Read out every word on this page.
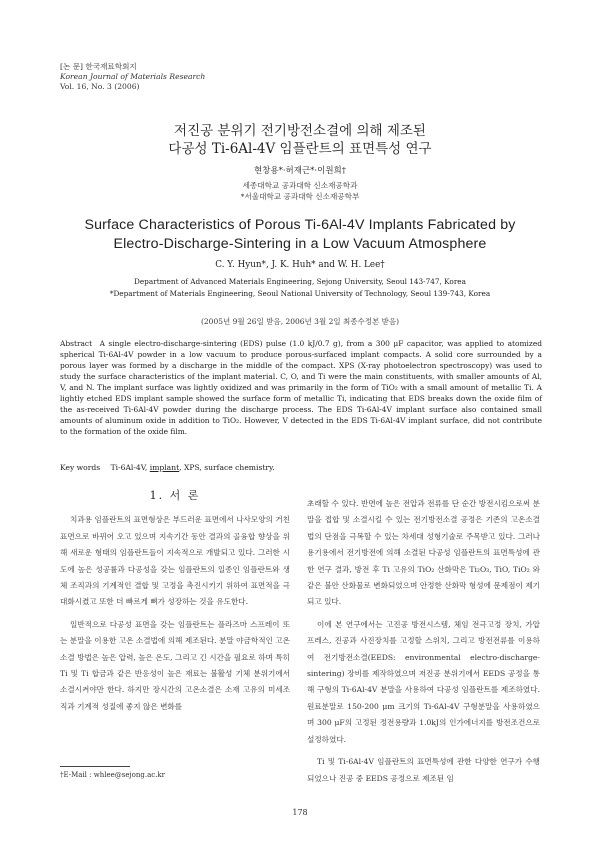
[논 문] 한국재료학회지
Korean Journal of Materials Research
Vol. 16, No. 3 (2006)
저진공 분위기 전기방전소결에 의해 제조된
다공성 Ti-6Al-4V 임플란트의 표면특성 연구
현창용*·허재근*·이원희†
세종대학교 공과대학 신소재공학과
*서울대학교 공과대학 신소재공학부
Surface Characteristics of Porous Ti-6Al-4V Implants Fabricated by
Electro-Discharge-Sintering in a Low Vacuum Atmosphere
C. Y. Hyun*, J. K. Huh* and W. H. Lee†
Department of Advanced Materials Engineering, Sejong University, Seoul 143-747, Korea
*Department of Materials Engineering, Seoul National University of Technology, Seoul 139-743, Korea
(2005년 9월 26일 받음, 2006년 3월 2일 최종수정본 받음)
Abstract A single electro-discharge-sintering (EDS) pulse (1.0 kJ/0.7 g), from a 300 μF capacitor, was applied to atomized spherical Ti-6Al-4V powder in a low vacuum to produce porous-surfaced implant compacts. A solid core surrounded by a porous layer was formed by a discharge in the middle of the compact. XPS (X-ray photoelectron spectroscopy) was used to study the surface characteristics of the implant material. C, O, and Ti were the main constituents, with smaller amounts of Al, V, and N. The implant surface was lightly oxidized and was primarily in the form of TiO₂ with a small amount of metallic Ti. A lightly etched EDS implant sample showed the surface form of metallic Ti, indicating that EDS breaks down the oxide film of the as-received Ti-6Al-4V powder during the discharge process. The EDS Ti-6Al-4V implant surface also contained small amounts of aluminum oxide in addition to TiO₂. However, V detected in the EDS Ti-6Al-4V implant surface, did not contribute to the formation of the oxide film.
Key words Ti-6Al-4V, implant, XPS, surface chemistry.
1. 서 론

치과용 임플란트의 표면형상은 부드러운 표면에서 나사모양의 거친 표면으로 바뀌어 오고 있으며 지속기간 동안 결과의 골융합 향상을 위해 새로운 형태의 임플란트들이 지속적으로 개발되고 있다. 그러한 시도에 높은 성공률과 다공성을 갖는 임플란트의 일종인 임플란트와 생체 조직과의 기계적인 결합 및 고정을 촉진시키기 위하여 표면적을 극대화시켰고 또한 더 빠르게 뼈가 성장하는 것을 유도한다.

일반적으로 다공성 표면을 갖는 임플란트는 플라즈마 스프레이 또는 분말을 이용한 고온 소결법에 의해 제조된다. 분말 야금학적인 고온소결 방법은 높은 압력, 높은 온도, 그리고 긴 시간을 필요로 하며 특히 Ti 및 Ti 합금과 같은 반응성이 높은 재료는 불활성 기체 분위기에서 소결시켜야만 한다. 하지만 장시간의 고온소결은 소재 고유의 미세조직과 기계적 성질에 좋지 않은 변화를

초래할 수 있다. 반면에 높은 전압과 전류를 단 순간 방전시킴으로써 분말을 접합 및 소결시킬 수 있는 전기방전소결 공정은 기존의 고온소결법의 단점을 극복할 수 있는 차세대 성형기술로 주목받고 있다. 그러나 용기용에서 전기방전에 의해 소결된 다공성 임플란트의 표면특성에 관한 연구 결과, 방전 후 Ti 고유의 TiO₂ 산화막은 Ti₂O₃, TiO, TiO₂ 와 같은 불안 산화물로 변화되었으며 안정한 산화막 형성에 문제점이 제기되고 있다.

이에 본 연구에서는 고진공 방전시스템, 체임 전극고정 장치, 가압 프레스, 진공과 사진장치를 고정할 스위치, 그리고 방전전류를 이용하여 전기방전소결(EEDS: environmental electro-discharge-sintering) 장비를 제작하였으며 저진공 분위기에서 EEDS 공정을 통해 구형의 Ti-6Al-4V 분말을 사용하여 다공성 임플란트를 제조하였다. 원료분말로 150-200 μm 크기의 Ti-6Al-4V 구형분말을 사용하였으며 300 μF의 고정된 정전용량과 1.0kJ의 인가에너지를 방전조건으로 설정하였다.

Ti 및 Ti-6Al-4V 임플란트의 표면특성에 관한 다양한 연구가 수행되었으나 진공 중 EEDS 공정으로 제조된 임

†E-Mail : whlee@sejong.ac.kr
178
